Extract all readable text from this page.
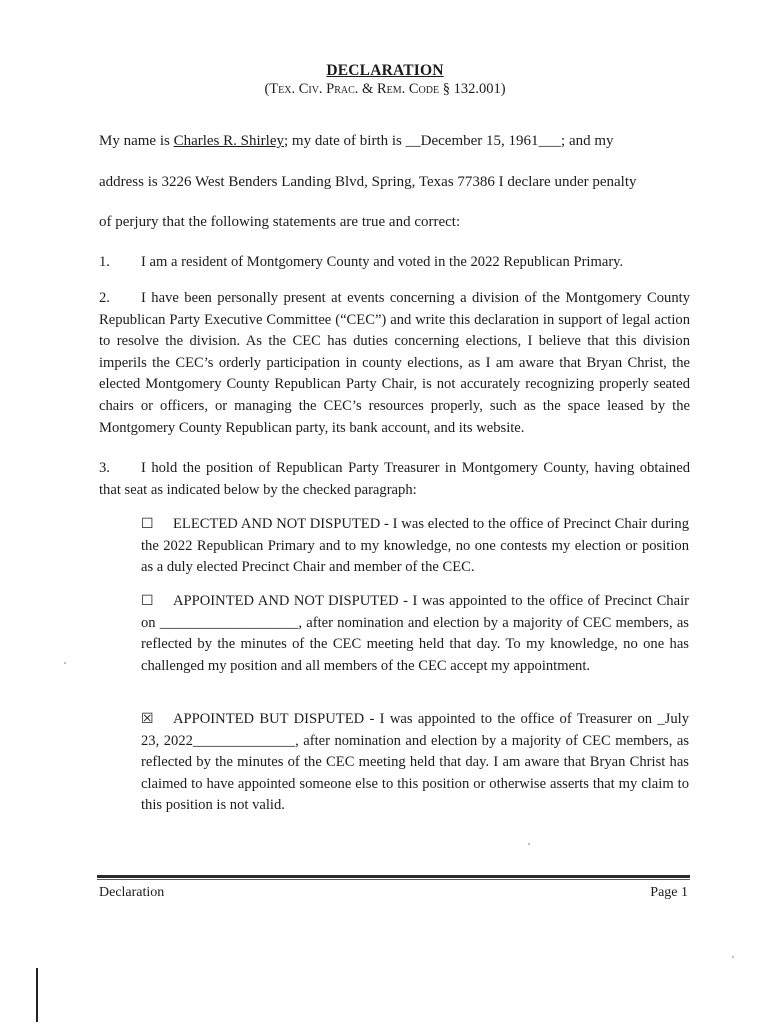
DECLARATION
(Tex. Civ. Prac. & Rem. Code § 132.001)
My name is Charles R. Shirley; my date of birth is __December 15, 1961___; and my
address is 3226 West Benders Landing Blvd, Spring, Texas 77386 I declare under penalty
of perjury that the following statements are true and correct:
1. I am a resident of Montgomery County and voted in the 2022 Republican Primary.
2. I have been personally present at events concerning a division of the Montgomery County Republican Party Executive Committee (“CEC”) and write this declaration in support of legal action to resolve the division. As the CEC has duties concerning elections, I believe that this division imperils the CEC’s orderly participation in county elections, as I am aware that Bryan Christ, the elected Montgomery County Republican Party Chair, is not accurately recognizing properly seated chairs or officers, or managing the CEC’s resources properly, such as the space leased by the Montgomery County Republican party, its bank account, and its website.
3. I hold the position of Republican Party Treasurer in Montgomery County, having obtained that seat as indicated below by the checked paragraph:
☐ ELECTED AND NOT DISPUTED - I was elected to the office of Precinct Chair during the 2022 Republican Primary and to my knowledge, no one contests my election or position as a duly elected Precinct Chair and member of the CEC.
☐ APPOINTED AND NOT DISPUTED - I was appointed to the office of Precinct Chair on ___________________, after nomination and election by a majority of CEC members, as reflected by the minutes of the CEC meeting held that day. To my knowledge, no one has challenged my position and all members of the CEC accept my appointment.
☒ APPOINTED BUT DISPUTED - I was appointed to the office of Treasurer on _July 23, 2022______________, after nomination and election by a majority of CEC members, as reflected by the minutes of the CEC meeting held that day. I am aware that Bryan Christ has claimed to have appointed someone else to this position or otherwise asserts that my claim to this position is not valid.
Declaration	Page 1
